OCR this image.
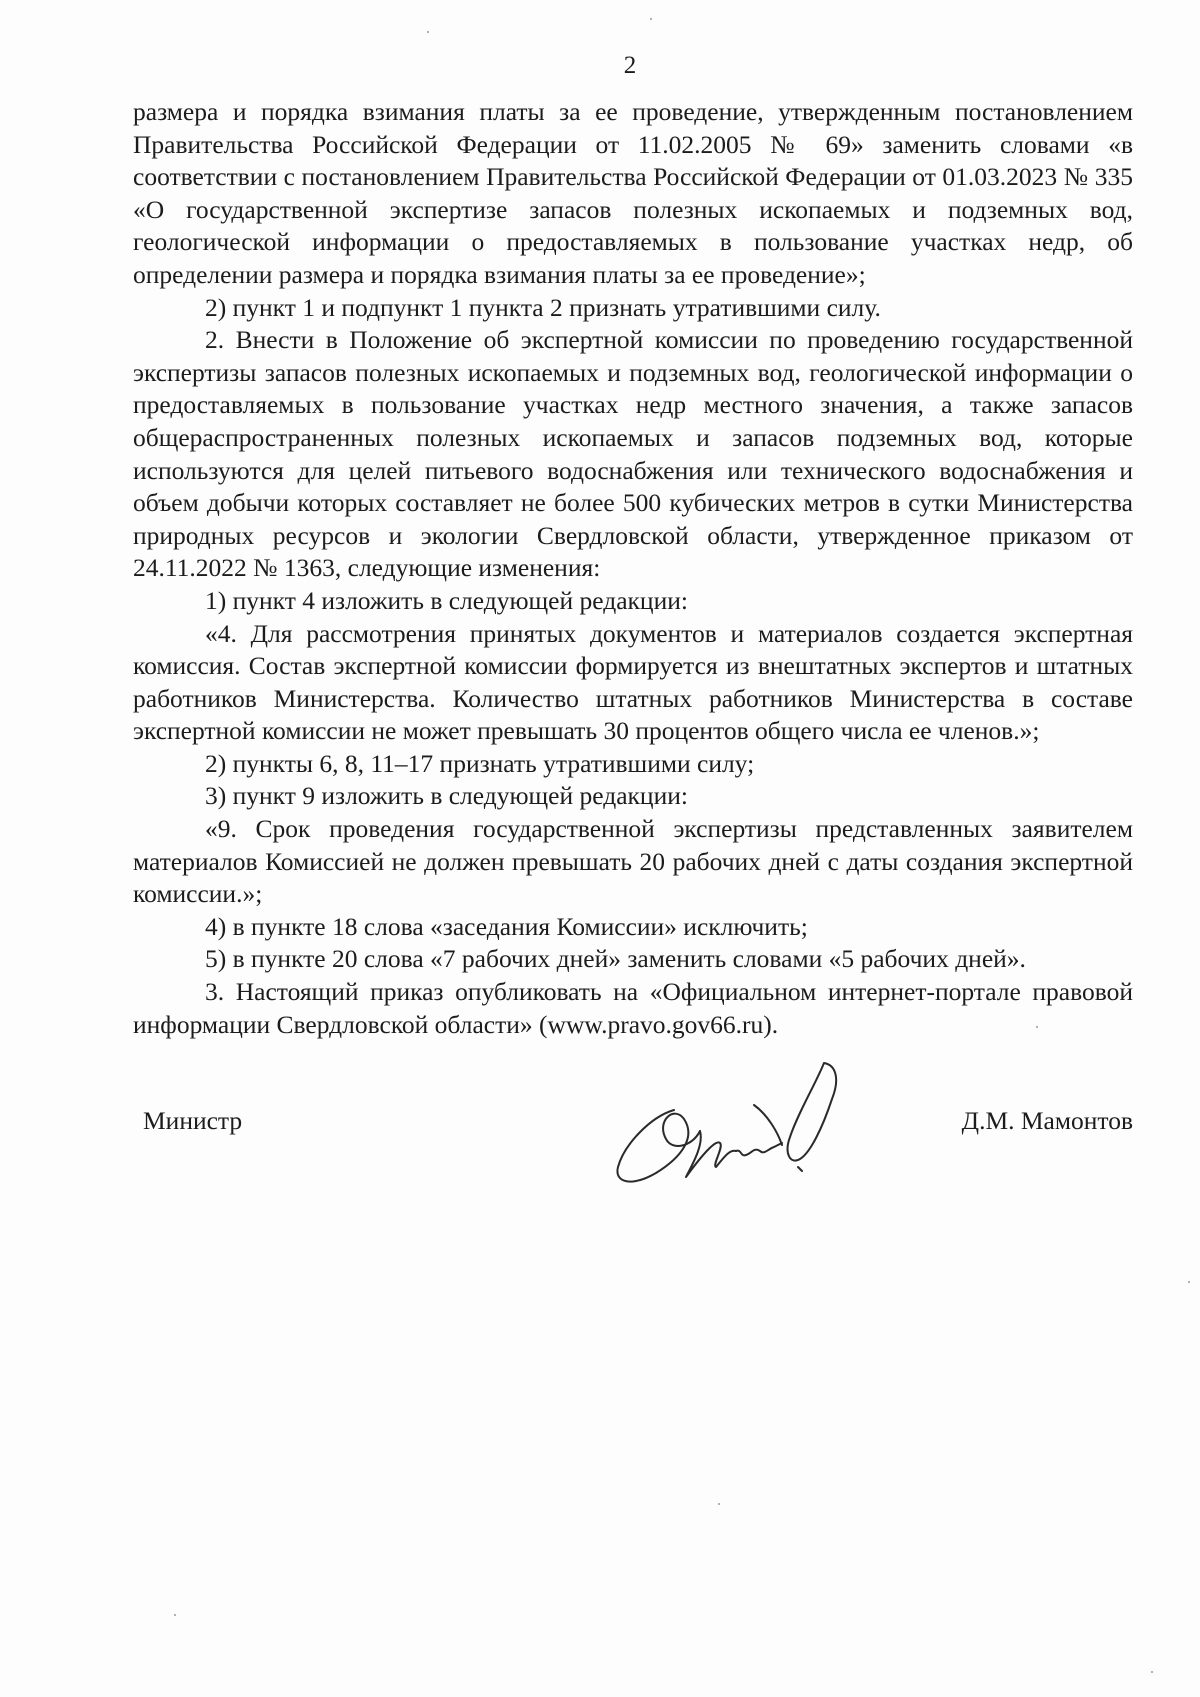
2

размера и порядка взимания платы за ее проведение, утвержденным постановлением Правительства Российской Федерации от 11.02.2005 № 69» заменить словами «в соответствии с постановлением Правительства Российской Федерации от 01.03.2023 № 335 «О государственной экспертизе запасов полезных ископаемых и подземных вод, геологической информации о предоставляемых в пользование участках недр, об определении размера и порядка взимания платы за ее проведение»;

2) пункт 1 и подпункт 1 пункта 2 признать утратившими силу.

2. Внести в Положение об экспертной комиссии по проведению государственной экспертизы запасов полезных ископаемых и подземных вод, геологической информации о предоставляемых в пользование участках недр местного значения, а также запасов общераспространенных полезных ископаемых и запасов подземных вод, которые используются для целей питьевого водоснабжения или технического водоснабжения и объем добычи которых составляет не более 500 кубических метров в сутки Министерства природных ресурсов и экологии Свердловской области, утвержденное приказом от 24.11.2022 № 1363, следующие изменения:

1) пункт 4 изложить в следующей редакции:

«4. Для рассмотрения принятых документов и материалов создается экспертная комиссия. Состав экспертной комиссии формируется из внештатных экспертов и штатных работников Министерства. Количество штатных работников Министерства в составе экспертной комиссии не может превышать 30 процентов общего числа ее членов.»;

2) пункты 6, 8, 11–17 признать утратившими силу;

3) пункт 9 изложить в следующей редакции:

«9. Срок проведения государственной экспертизы представленных заявителем материалов Комиссией не должен превышать 20 рабочих дней с даты создания экспертной комиссии.»;

4) в пункте 18 слова «заседания Комиссии» исключить;

5) в пункте 20 слова «7 рабочих дней» заменить словами «5 рабочих дней».

3. Настоящий приказ опубликовать на «Официальном интернет-портале правовой информации Свердловской области» (www.pravo.gov66.ru).

Министр	Д.М. Мамонтов
